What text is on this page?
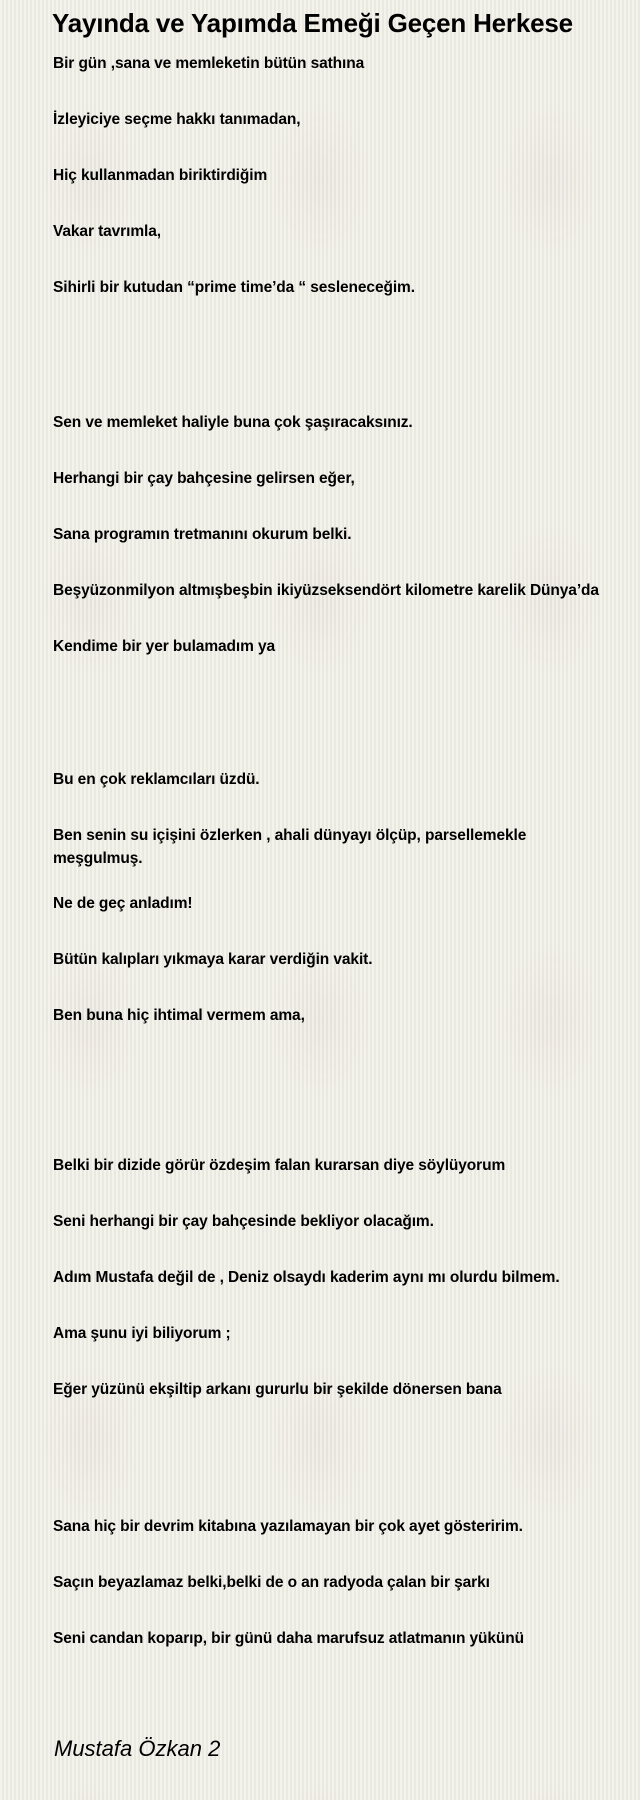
Yayında ve Yapımda Emeği Geçen Herkese

Bir gün ,sana ve memleketin bütün sathına

İzleyiciye seçme hakkı tanımadan,

Hiç kullanmadan biriktirdiğim

Vakar tavrımla,

Sihirli bir kutudan “prime time’da “ sesleneceğim.

Sen ve memleket haliyle buna çok şaşıracaksınız.

Herhangi bir çay bahçesine gelirsen eğer,

Sana programın tretmanını okurum belki.

Beşyüzonmilyon altmışbeşbin ikiyüzseksendört kilometre karelik Dünya’da

Kendime bir yer bulamadım ya

Bu en çok reklamcıları üzdü.

Ben senin su içişini özlerken , ahali dünyayı ölçüp, parsellemekle meşgulmuş.

Ne de geç anladım!

Bütün kalıpları yıkmaya karar verdiğin vakit.

Ben buna hiç ihtimal vermem ama,

Belki bir dizide görür özdeşim falan kurarsan diye söylüyorum

Seni herhangi bir çay bahçesinde bekliyor olacağım.

Adım Mustafa değil de , Deniz olsaydı kaderim aynı mı olurdu bilmem.

Ama şunu iyi biliyorum ;

Eğer yüzünü ekşiltip arkanı gururlu bir şekilde dönersen bana

Sana hiç bir devrim kitabına yazılamayan bir çok ayet gösteririm.

Saçın beyazlamaz belki,belki de o an radyoda çalan bir şarkı

Seni candan koparıp, bir günü daha marufsuz atlatmanın yükünü

Mustafa Özkan 2
